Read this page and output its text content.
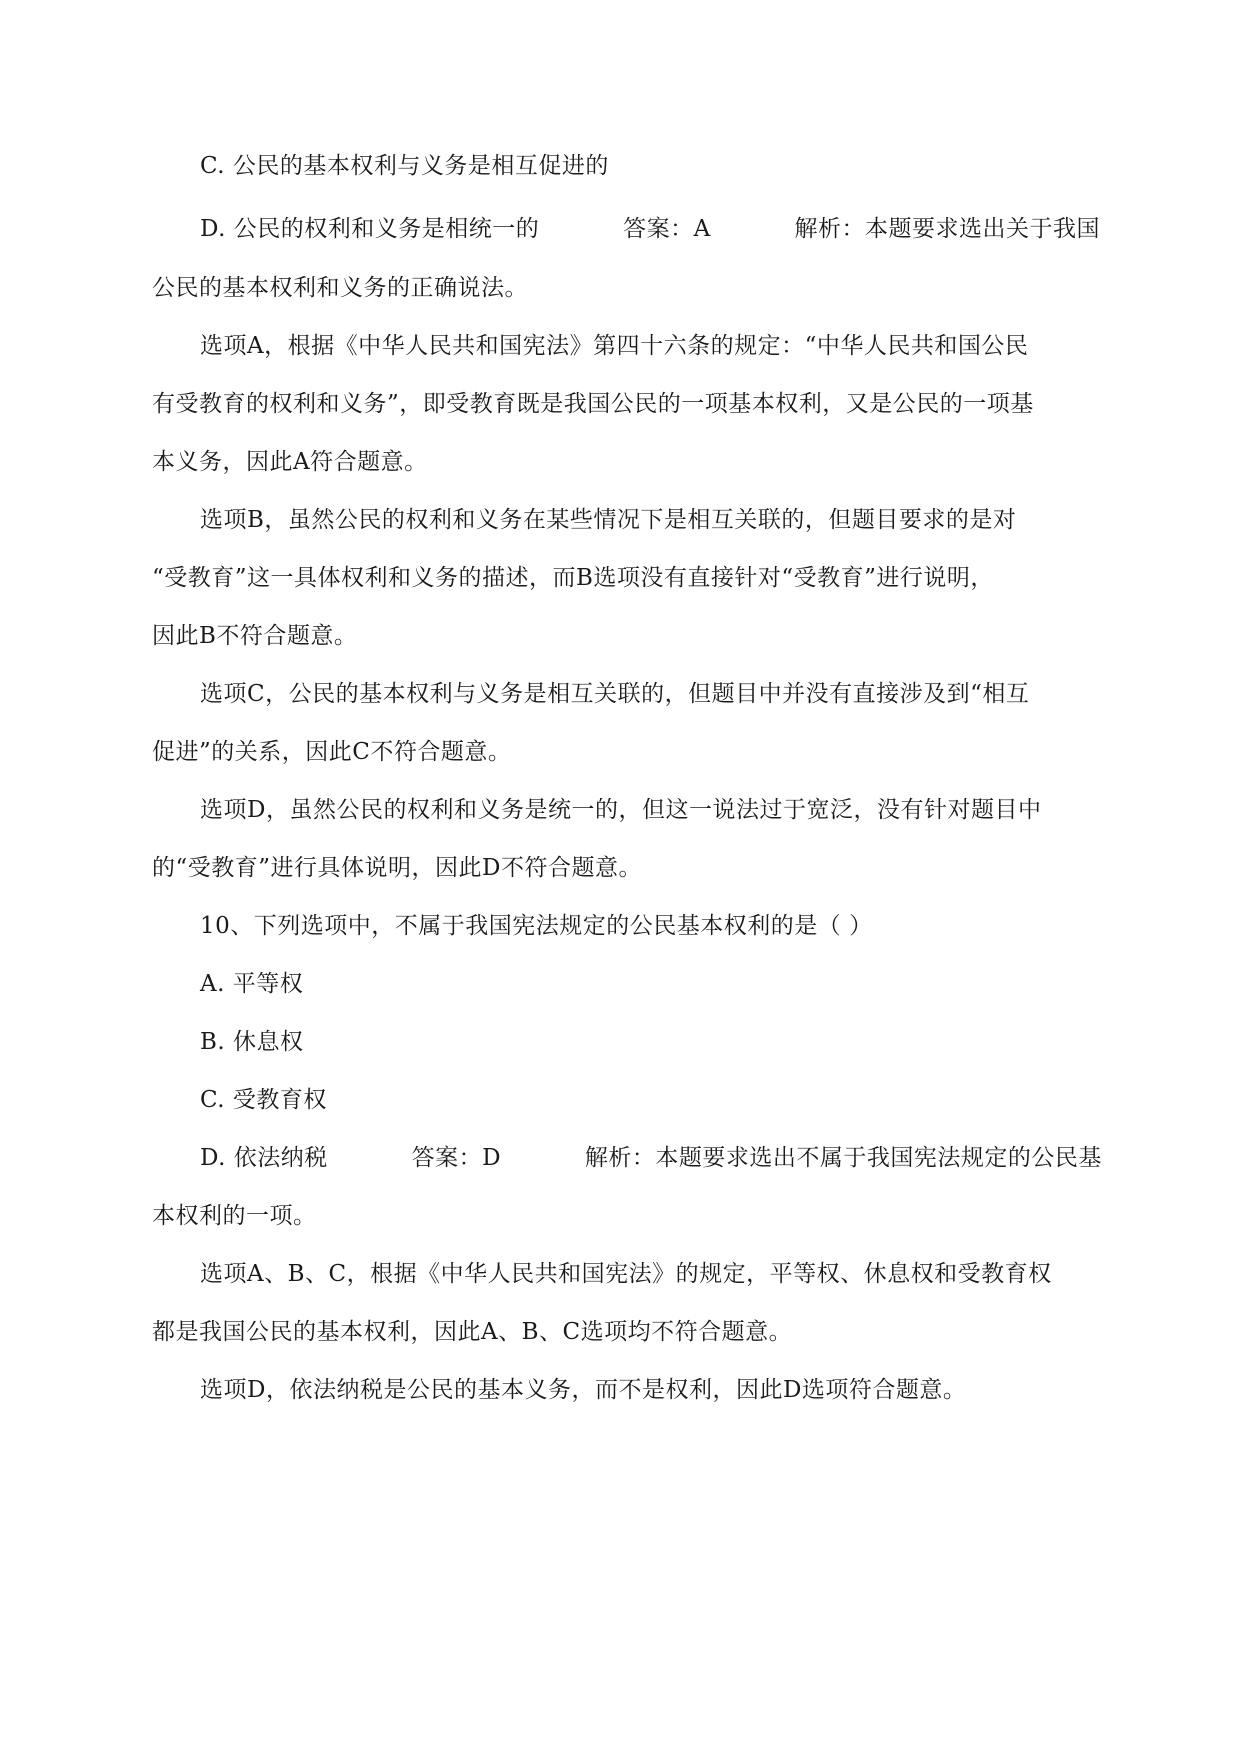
C. 公民的基本权利与义务是相互促进的
D. 公民的权利和义务是相统一的	答案：A	解析：本题要求选出关于我国
公民的基本权利和义务的正确说法。
选项A，根据《中华人民共和国宪法》第四十六条的规定：“中华人民共和国公民
有受教育的权利和义务”，即受教育既是我国公民的一项基本权利，又是公民的一项基
本义务，因此A符合题意。
选项B，虽然公民的权利和义务在某些情况下是相互关联的，但题目要求的是对
“受教育”这一具体权利和义务的描述，而B选项没有直接针对“受教育”进行说明，
因此B不符合题意。
选项C，公民的基本权利与义务是相互关联的，但题目中并没有直接涉及到“相互
促进”的关系，因此C不符合题意。
选项D，虽然公民的权利和义务是统一的，但这一说法过于宽泛，没有针对题目中
的“受教育”进行具体说明，因此D不符合题意。
10、下列选项中，不属于我国宪法规定的公民基本权利的是（ ）
A. 平等权
B. 休息权
C. 受教育权
D. 依法纳税	答案：D	解析：本题要求选出不属于我国宪法规定的公民基
本权利的一项。
选项A、B、C，根据《中华人民共和国宪法》的规定，平等权、休息权和受教育权
都是我国公民的基本权利，因此A、B、C选项均不符合题意。
选项D，依法纳税是公民的基本义务，而不是权利，因此D选项符合题意。
